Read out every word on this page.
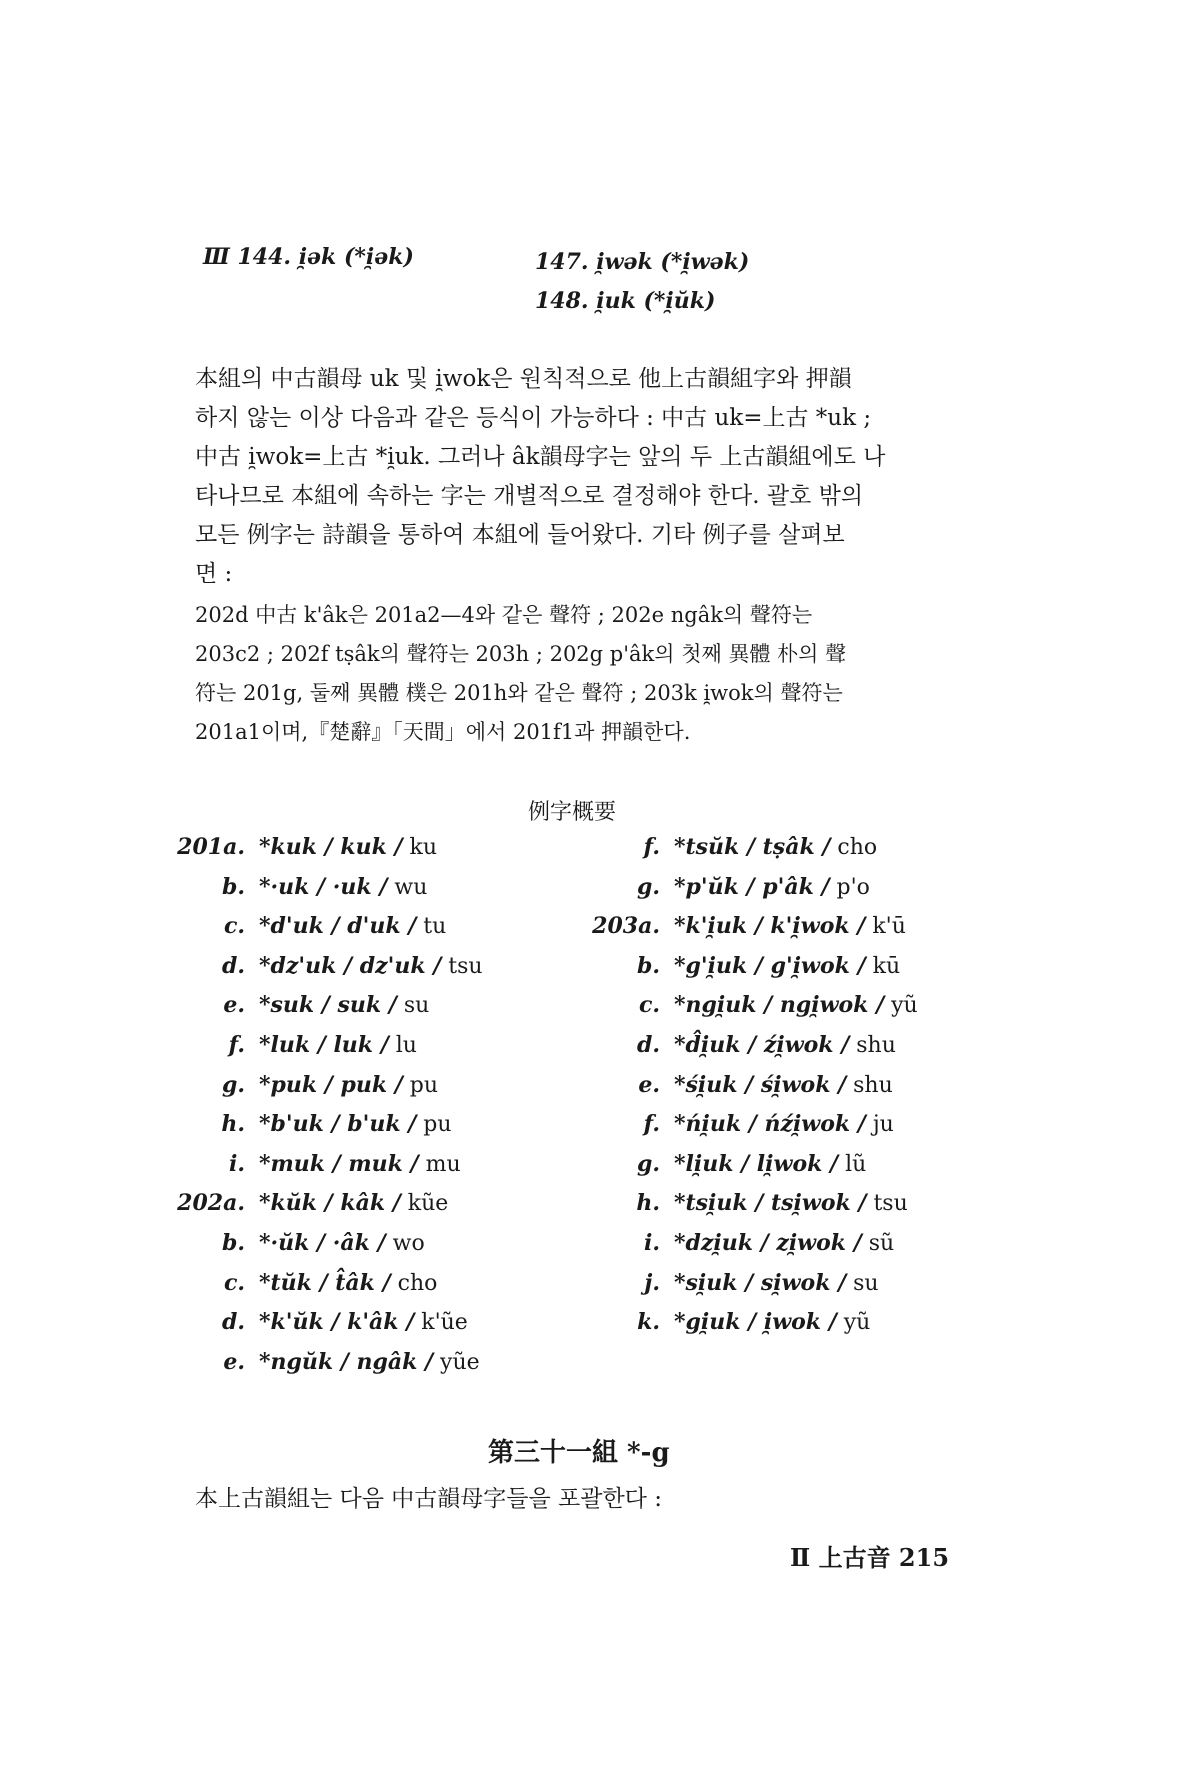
Ⅲ 144. i̯ək (*i̯ək)	147. i̯wək (*i̯wək)
148. i̯uk (*i̯ŭk)
本組의 中古韻母 uk 및 i̯wok은 원칙적으로 他上古韻組字와 押韻
하지 않는 이상 다음과 같은 등식이 가능하다 : 中古 uk=上古 *uk ;
中古 i̯wok=上古 *i̯uk. 그러나 âk韻母字는 앞의 두 上古韻組에도 나
타나므로 本組에 속하는 字는 개별적으로 결정해야 한다. 괄호 밖의
모든 例字는 詩韻을 통하여 本組에 들어왔다. 기타 例子를 살펴보
면 :
202d 中古 k'âk은 201a2—4와 같은 聲符 ; 202e ngâk의 聲符는
203c2 ; 202f tṣâk의 聲符는 203h ; 202g p'âk의 첫째 異體 朴의 聲
符는 201g, 둘째 異體 樸은 201h와 같은 聲符 ; 203k i̯wok의 聲符는
201a1이며,『楚辭』「天間」에서 201f1과 押韻한다.
例字概要
201a. *kuk / kuk / ku
b. *·uk / ·uk / wu
c. *d'uk / d'uk / tu
d. *dz'uk / dz'uk / tsu
e. *suk / suk / su
f. *luk / luk / lu
g. *puk / puk / pu
h. *b'uk / b'uk / pu
i. *muk / muk / mu
202a. *kŭk / kâk / kũe
b. *·ŭk / ·âk / wo
c. *tŭk / t̂âk / cho
d. *k'ŭk / k'âk / k'ũe
e. *ngŭk / ngâk / yũe
f. *tsŭk / tṣâk / cho
g. *p'ŭk / p'âk / p'o
203a. *k'i̯uk / k'i̯wok / k'ū
b. *g'i̯uk / g'i̯wok / kū
c. *ngi̯uk / ngi̯wok / yũ
d. *d̂i̯uk / źi̯wok / shu
e. *śi̯uk / śi̯wok / shu
f. *ńi̯uk / ńźi̯wok / ju
g. *li̯uk / li̯wok / lũ
h. *tsi̯uk / tsi̯wok / tsu
i. *dzi̯uk / zi̯wok / sũ
j. *si̯uk / si̯wok / su
k. *gi̯uk / i̯wok / yũ
第三十一組 *-g
本上古韻組는 다음 中古韻母字들을 포괄한다 :
Ⅱ 上古音 215
